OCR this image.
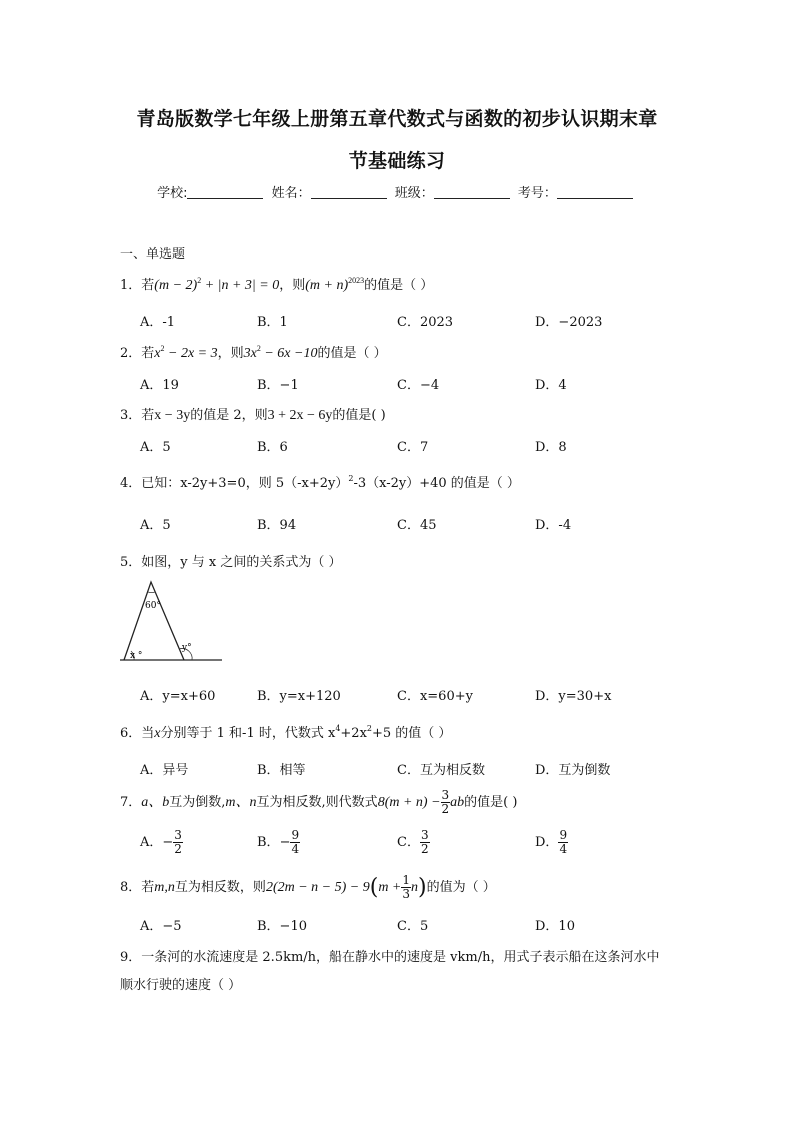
青岛版数学七年级上册第五章代数式与函数的初步认识期末章
节基础练习
学校:	姓名：	班级：	考号：
一、单选题
1．若$(m - 2)^2 + |n + 3| = 0$，则$(m + n)^{2023}$的值是（ ）
A．-1	B．1	C．2023	D．−2023
2．若$x^2 - 2x = 3$，则$3x^2 - 6x -10$的值是（ ）
A．19	B．−1	C．−4	D．4
3．若x − 3y的值是 2，则3 + 2x − 6y的值是( )
A．5	B．6	C．7	D．8
4．已知：x-2y+3=0，则 $5(-x+2y)^2-3(x-2y)+40$ 的值是（ ）
A．5	B．94	C．45	D．-4
5．如图，y 与 x 之间的关系式为（ ）
60°
x °
y°
A．y=x+60	B．y=x+120	C．x=60+y	D．y=30+x
6．当x分别等于 1 和-1 时，代数式 $x^4+2x^2+5$ 的值（ ）
A．异号	B．相等	C．互为相反数	D．互为倒数
7．a、b互为倒数,m、n互为相反数,则代数式$8(m + n) - \frac{3}{2}$ ab的值是( )
A．− $\frac{3}{2}$	B．− $\frac{9}{4}$	C． $\frac{3}{2}$	D． $\frac{9}{4}$
8．若m,n互为相反数，则$2(2m - n - 5) - 9(m + \frac{1}{3} n)$的值为（ ）
A．−5	B．−10	C．5	D．10
9．一条河的水流速度是 2.5km/h，船在静水中的速度是 vkm/h，用式子表示船在这条河水中
顺水行驶的速度（ ）
